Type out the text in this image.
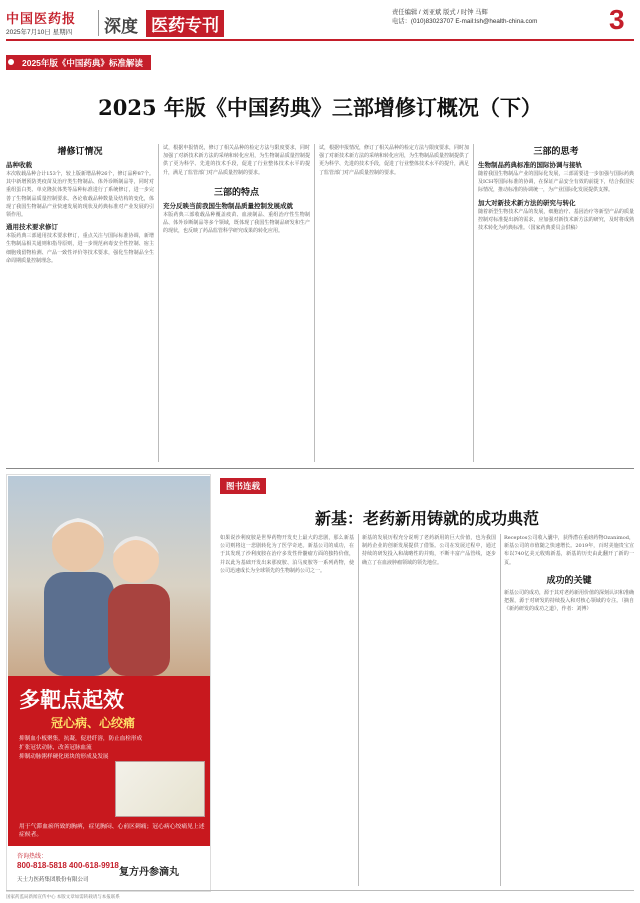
中国医药报
2025年7月10日 星期四 深度 医药专刊
责任编辑 / 刘亚斌 版式 / 时钟 马辉
电话：(010)83023707 E-mail:lsh@health-china.com	3
2025年版《中国药典》标准解读
2025 年版《中国药典》三部增修订概况（下）
增修订情况
品种收载
本次收载品种合计153个，较上版新增品种26个，修订品种87个。其中新增预防类疫苗及治疗类生物制品、体外诊断制品等，同时对重组蛋白类、单克隆抗体类等品种标准进行了系统修订，进一步完善了生物制品质量控制要求。各论收载品种数量及结构的变化，体现了我国生物制品产业快速发展的现状及药典标准对产业发展的引领作用。
通用技术要求修订
本版药典三部通用技术要求修订，重点关注与国际标准协调，新增生物制品相关通则和指导原则，进一步规范病毒安全性控制、宿主细胞残留物检测、产品一致性评价等技术要求，强化生物制品全生命周期质量控制理念。
试，根据申报情况，修订了相关品种的检定方法与限度要求，同时加强了对新技术新方法的采纳和转化应用，为生物制品质量控制提供了更为科学、先进的技术手段，促进了行业整体技术水平的提升，满足了监管部门对产品质量控制的要求。
三部的特点
充分反映当前我国生物制品质量控制发展成就
本版药典三部收载品种覆盖疫苗、血液制品、重组治疗性生物制品、体外诊断制品等多个领域，既体现了我国生物制品研发和生产的现状，也反映了药品监管科学研究成果的转化应用。
试，根据申报情况，修订了相关品种的检定方法与限度要求，同时加强了对新技术新方法的采纳和转化应用，为生物制品质量控制提供了更为科学、先进的技术手段，促进了行业整体技术水平的提升，满足了监管部门对产品质量控制的要求。
三部的思考
生物制品药典标准的国际协调与接轨
随着我国生物制品产业的国际化发展，三部需要进一步加强与国际药典及ICH等国际标准的协调，在保证产品安全有效的前提下，结合我国实际情况，推动标准的协调统一，为产业国际化发展提供支撑。
加大对新技术新方法的研究与转化
随着新型生物技术产品的发展，细胞治疗、基因治疗等新型产品的质量控制对标准提出新的需求，应加强对新技术新方法的研究，及时将成熟技术转化为药典标准。（国家药典委员会供稿）
多靶点起效
冠心病、心绞痛
抑制血小板聚集，抗凝，促进纤溶，防止血栓形成
扩张冠状动脉，改善冠脉血流
抑制动脉粥样硬化斑块的形成及发展
用于气滞血瘀所致的胸痹，症见胸闷、心前区刺痛；冠心病心绞痛见上述症候者。
咨询热线：
800-818-5818 400-618-9918
天士力医药集团股份有限公司
复方丹参滴丸
图书连载
新基：老药新用铸就的成功典范
如果说沙利度胺是世界药物开发史上最大的悲剧，那么新基公司则将这一悲剧转化为了医学奇迹。新基公司的成功，在于其发现了沙利度胺在治疗多发性骨髓瘤方面的独特价值，并以此为基础开发出来那度胺、泊马度胺等一系列药物，使公司迅速成长为全球领先的生物制药公司之一。
新基的发展历程充分说明了老药新用的巨大价值，也为我国制药企业的创新发展提供了借鉴。公司在发展过程中，通过持续的研发投入和战略性的并购，不断丰富产品管线，逐步确立了在血液肿瘤领域的领先地位。
Receptos公司收入囊中，获得潜在重磅药物Ozanimod，新基公司的市值随之快速增长。2019年，百时美施贵宝宣布以740亿美元收购新基，新基的历史由此翻开了新的一页。
成功的关键
新基公司的成功，源于其对老药新用价值的深刻认识和准确把握，源于对研发的持续投入和对核心领域的专注。（摘自《新药研发的成功之道》，作者：刘博）
国家药监局新闻宣传中心 本版文章如需转载请与本报联系
